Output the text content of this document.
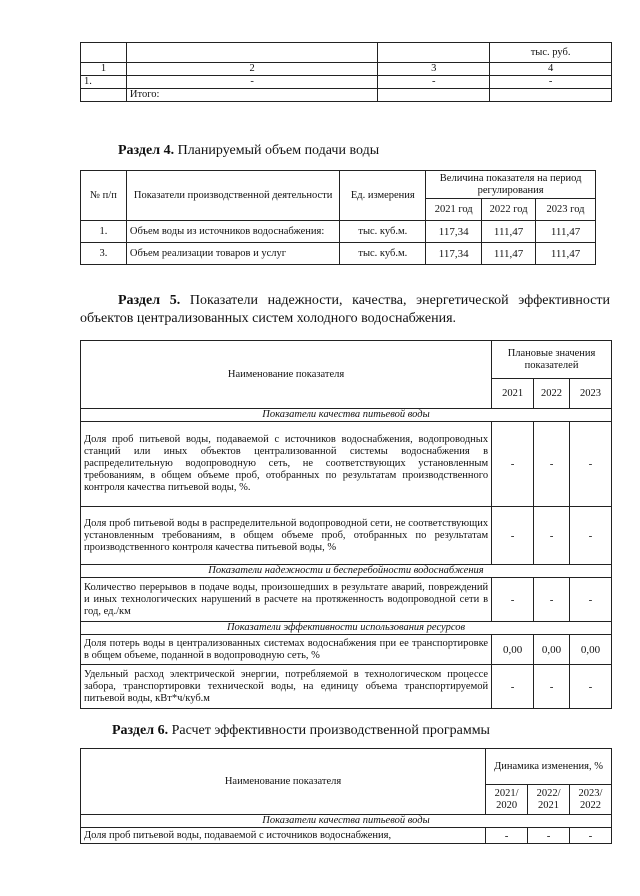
			тыс. руб.
1	2	3	4
1.	-	-	-
	Итого:		
Раздел 4. Планируемый объем подачи воды
№ п/п	Показатели производственной деятельности	Ед. измерения	Величина показателя на период регулирования		
			2021 год	2022 год	2023 год
1.	Объем воды из источников водоснабжения:	тыс. куб.м.	117,34	111,47	111,47
3.	Объем реализации товаров и услуг	тыс. куб.м.	117,34	111,47	111,47
Раздел 5. Показатели надежности, качества, энергетической эффективности объектов централизованных систем холодного водоснабжения.
Наименование показателя	Плановые значения показателей		
	2021	2022	2023
Показатели качества питьевой воды			
Доля проб питьевой воды, подаваемой с источников водоснабжения, водопроводных станций или иных объектов централизованной системы водоснабжения в распределительную водопроводную сеть, не соответствующих установленным требованиям, в общем объеме проб, отобранных по результатам производственного контроля качества питьевой воды, %.	-	-	-
Доля проб питьевой воды в распределительной водопроводной сети, не соответствующих установленным требованиям, в общем объеме проб, отобранных по результатам производственного контроля качества питьевой воды, %	-	-	-
Показатели надежности и бесперебойности водоснабжения			
Количество перерывов в подаче воды, произошедших в результате аварий, повреждений и иных технологических нарушений в расчете на протяженность водопроводной сети в год, ед./км	-	-	-
Показатели эффективности использования ресурсов			
Доля потерь воды в централизованных системах водоснабжения при ее транспортировке в общем объеме, поданной в водопроводную сеть, %	0,00	0,00	0,00
Удельный расход электрической энергии, потребляемой в технологическом процессе забора, транспортировки технической воды, на единицу объема транспортируемой питьевой воды, кВт*ч/куб.м	-	-	-
Раздел 6. Расчет эффективности производственной программы
Наименование показателя	Динамика изменения, %		
	2021/ 2020	2022/ 2021	2023/ 2022
Показатели качества питьевой воды			
Доля проб питьевой воды, подаваемой с источников водоснабжения,	-	-	-
